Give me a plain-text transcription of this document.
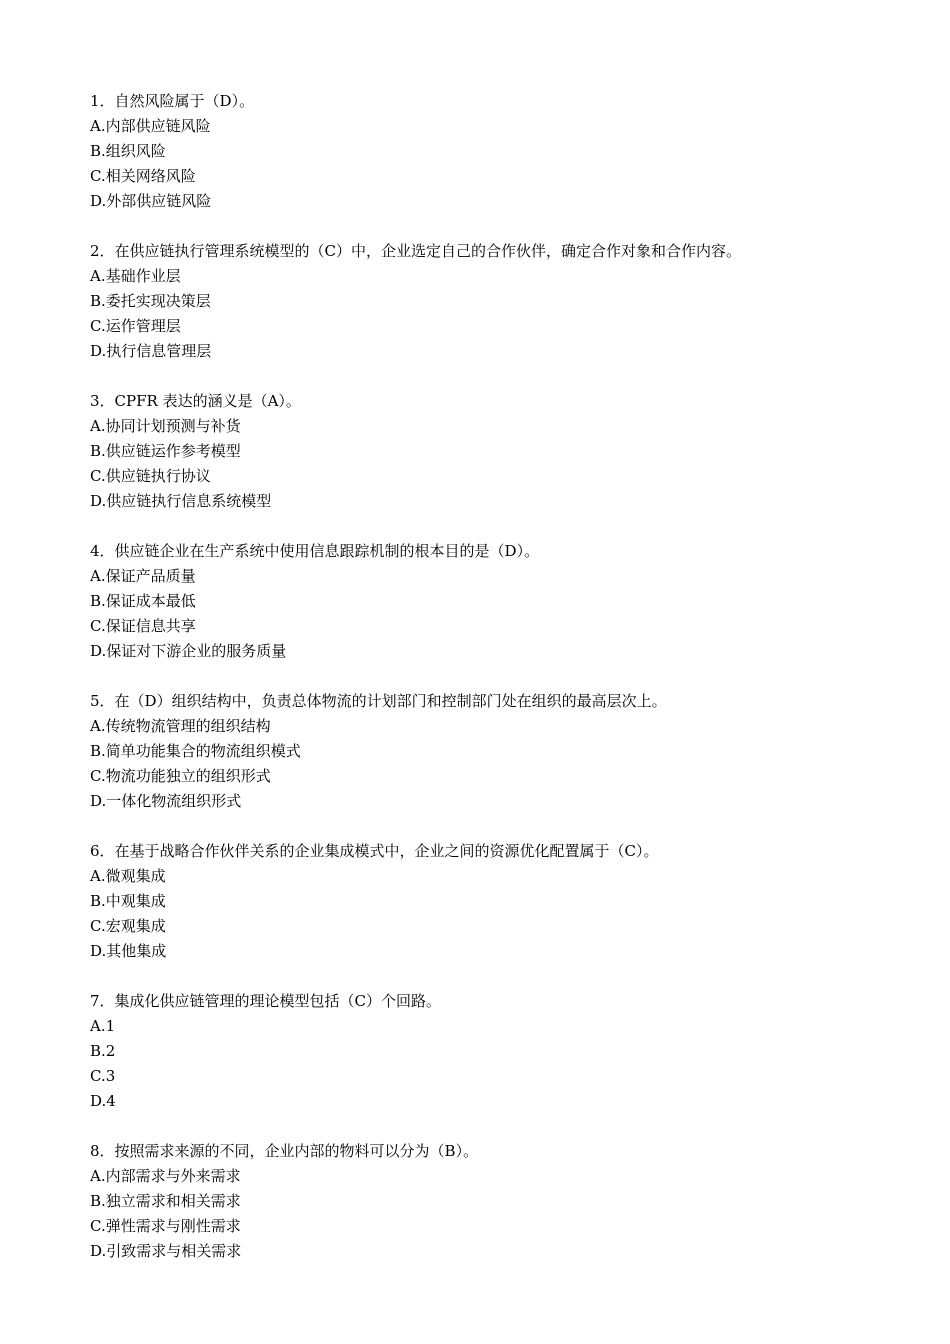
1．自然风险属于（D）。
A.内部供应链风险
B.组织风险
C.相关网络风险
D.外部供应链风险
2．在供应链执行管理系统模型的（C）中，企业选定自己的合作伙伴，确定合作对象和合作内容。
A.基础作业层
B.委托实现决策层
C.运作管理层
D.执行信息管理层
3．CPFR 表达的涵义是（A）。
A.协同计划预测与补货
B.供应链运作参考模型
C.供应链执行协议
D.供应链执行信息系统模型
4．供应链企业在生产系统中使用信息跟踪机制的根本目的是（D）。
A.保证产品质量
B.保证成本最低
C.保证信息共享
D.保证对下游企业的服务质量
5．在（D）组织结构中，负责总体物流的计划部门和控制部门处在组织的最高层次上。
A.传统物流管理的组织结构
B.简单功能集合的物流组织模式
C.物流功能独立的组织形式
D.一体化物流组织形式
6．在基于战略合作伙伴关系的企业集成模式中，企业之间的资源优化配置属于（C）。
A.微观集成
B.中观集成
C.宏观集成
D.其他集成
7．集成化供应链管理的理论模型包括（C）个回路。
A.1
B.2
C.3
D.4
8．按照需求来源的不同，企业内部的物料可以分为（B）。
A.内部需求与外来需求
B.独立需求和相关需求
C.弹性需求与刚性需求
D.引致需求与相关需求
